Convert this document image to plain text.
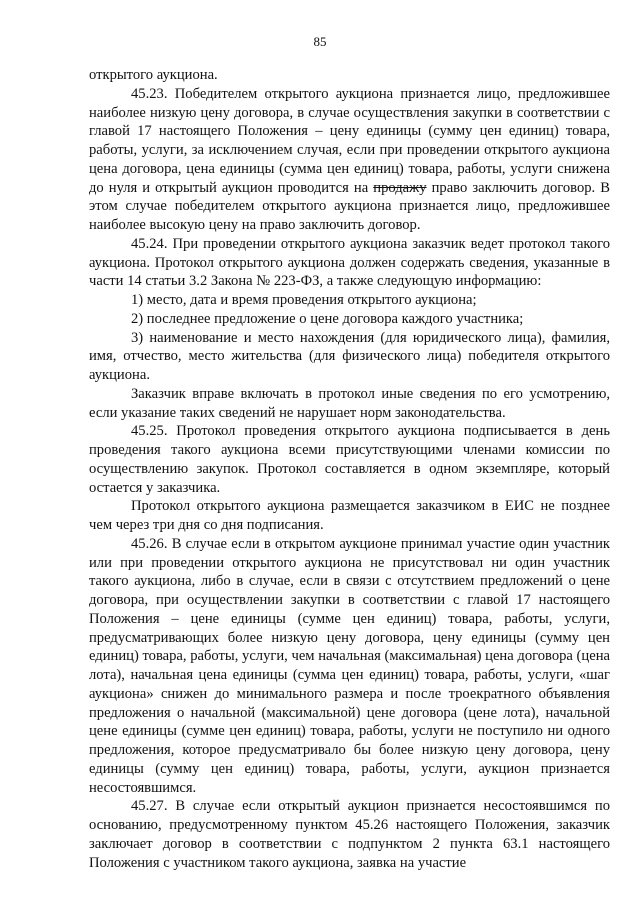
85

открытого аукциона.

45.23. Победителем открытого аукциона признается лицо, предложившее наиболее низкую цену договора, в случае осуществления закупки в соответствии с главой 17 настоящего Положения – цену единицы (сумму цен единиц) товара, работы, услуги, за исключением случая, если при проведении открытого аукциона цена договора, цена единицы (сумма цен единиц) товара, работы, услуги снижена до нуля и открытый аукцион проводится на продажу право заключить договор. В этом случае победителем открытого аукциона признается лицо, предложившее наиболее высокую цену на право заключить договор.

45.24. При проведении открытого аукциона заказчик ведет протокол такого аукциона. Протокол открытого аукциона должен содержать сведения, указанные в части 14 статьи 3.2 Закона № 223-ФЗ, а также следующую информацию:

1) место, дата и время проведения открытого аукциона;

2) последнее предложение о цене договора каждого участника;

3) наименование и место нахождения (для юридического лица), фамилия, имя, отчество, место жительства (для физического лица) победителя открытого аукциона.

Заказчик вправе включать в протокол иные сведения по его усмотрению, если указание таких сведений не нарушает норм законодательства.

45.25. Протокол проведения открытого аукциона подписывается в день проведения такого аукциона всеми присутствующими членами комиссии по осуществлению закупок. Протокол составляется в одном экземпляре, который остается у заказчика.

Протокол открытого аукциона размещается заказчиком в ЕИС не позднее чем через три дня со дня подписания.

45.26. В случае если в открытом аукционе принимал участие один участник или при проведении открытого аукциона не присутствовал ни один участник такого аукциона, либо в случае, если в связи с отсутствием предложений о цене договора, при осуществлении закупки в соответствии с главой 17 настоящего Положения – цене единицы (сумме цен единиц) товара, работы, услуги, предусматривающих более низкую цену договора, цену единицы (сумму цен единиц) товара, работы, услуги, чем начальная (максимальная) цена договора (цена лота), начальная цена единицы (сумма цен единиц) товара, работы, услуги, «шаг аукциона» снижен до минимального размера и после троекратного объявления предложения о начальной (максимальной) цене договора (цене лота), начальной цене единицы (сумме цен единиц) товара, работы, услуги не поступило ни одного предложения, которое предусматривало бы более низкую цену договора, цену единицы (сумму цен единиц) товара, работы, услуги, аукцион признается несостоявшимся.

45.27. В случае если открытый аукцион признается несостоявшимся по основанию, предусмотренному пунктом 45.26 настоящего Положения, заказчик заключает договор в соответствии с подпунктом 2 пункта 63.1 настоящего Положения с участником такого аукциона, заявка на участие
